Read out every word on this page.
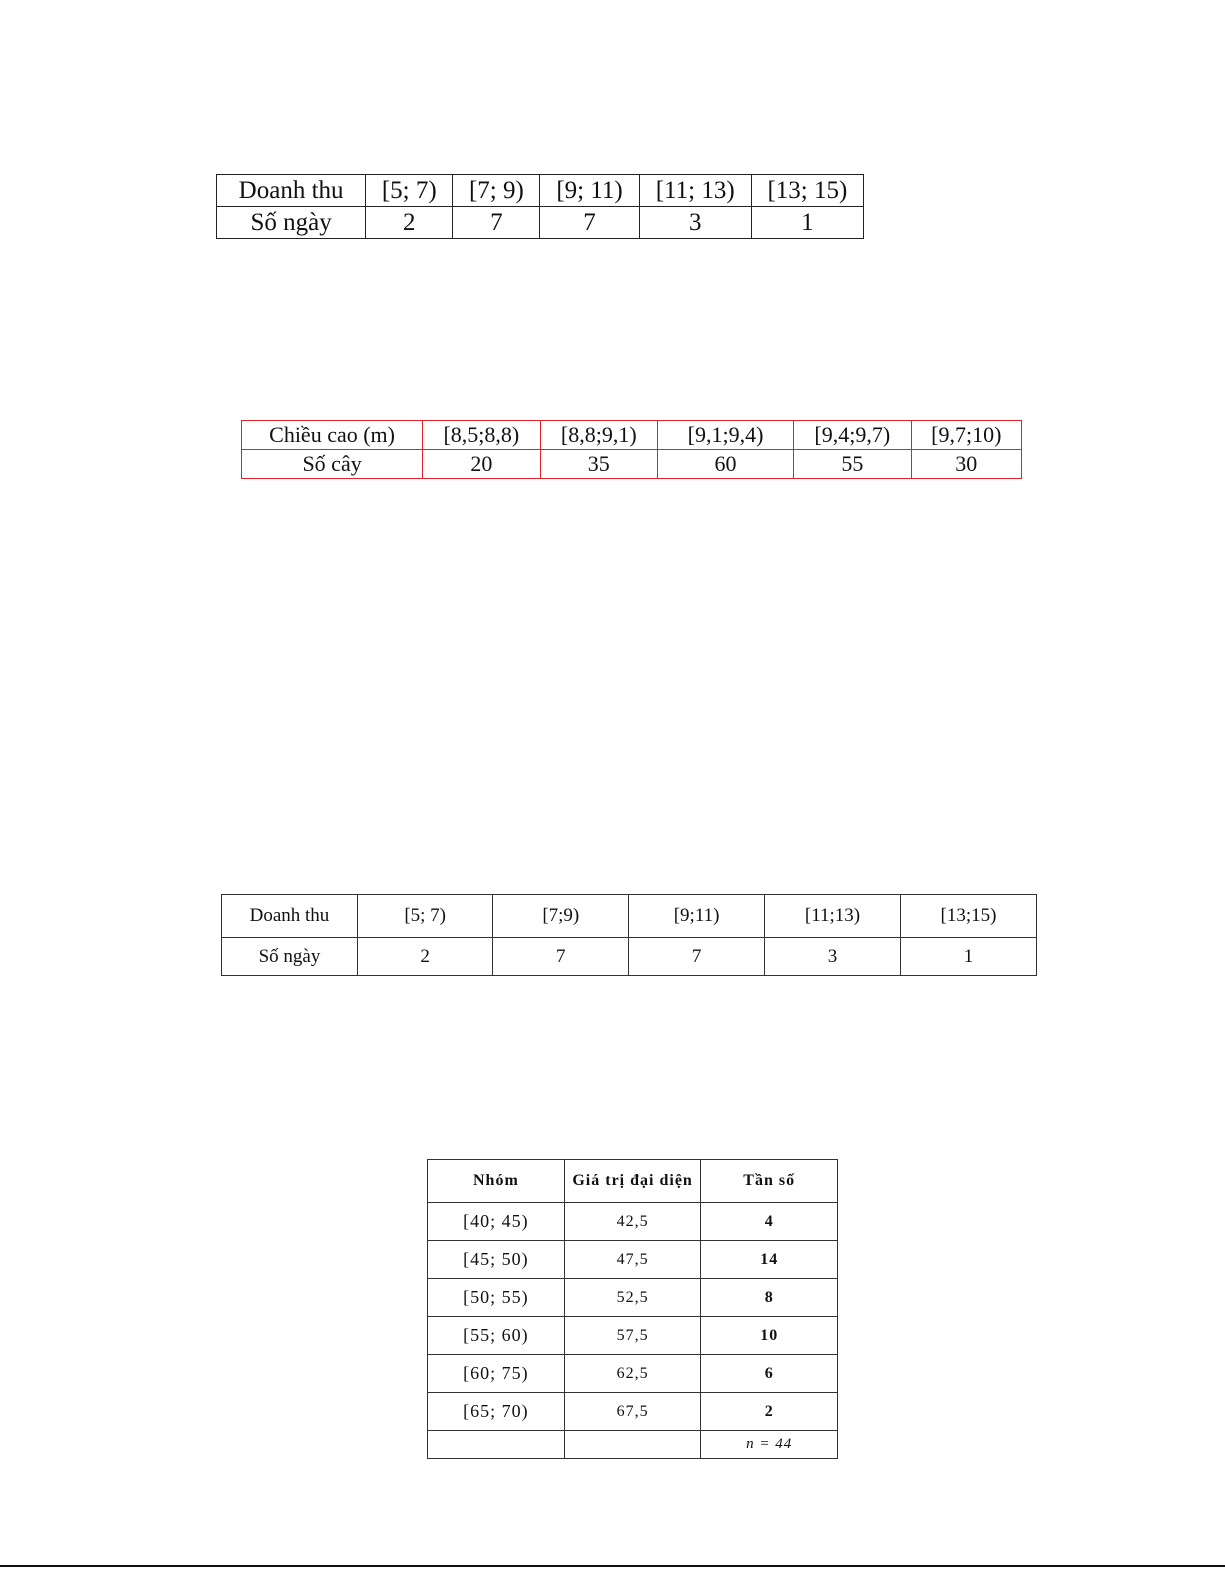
Doanh thu	[5; 7)	[7; 9)	[9; 11)	[11; 13)	[13; 15)
Số ngày	2	7	7	3	1
Chiều cao (m)	[8,5;8,8)	[8,8;9,1)	[9,1;9,4)	[9,4;9,7)	[9,7;10)
Số cây	20	35	60	55	30
Doanh thu	[5; 7)	[7;9)	[9;11)	[11;13)	[13;15)
Số ngày	2	7	7	3	1
Nhóm	Giá trị đại diện	Tần số
[40; 45)	42,5	4
[45; 50)	47,5	14
[50; 55)	52,5	8
[55; 60)	57,5	10
[60; 75)	62,5	6
[65; 70)	67,5	2
		n = 44
